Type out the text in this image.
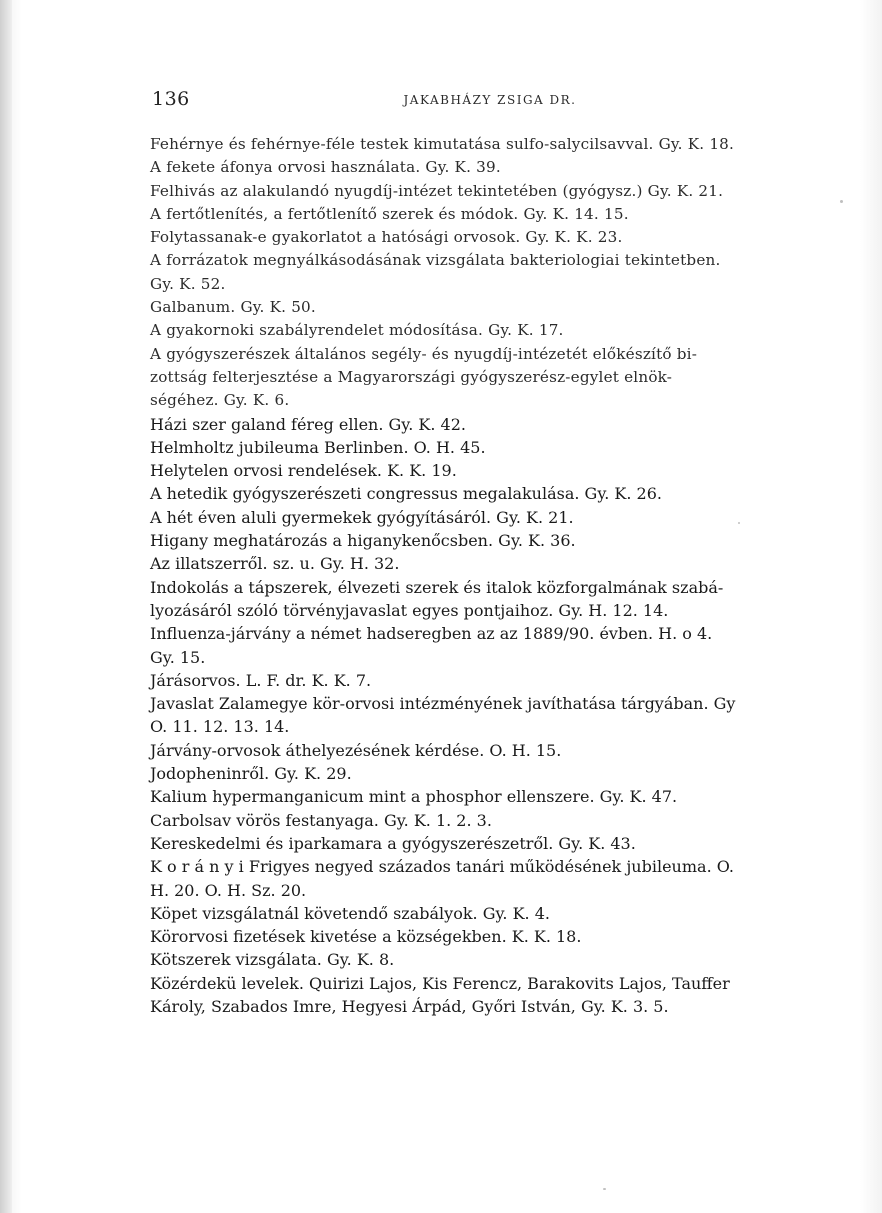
136	JAKABHÁZY ZSIGA DR.
Fehérnye és fehérnye-féle testek kimutatása sulfo-salycilsavval. Gy. K. 18.
A fekete áfonya orvosi használata. Gy. K. 39.
Felhivás az alakulandó nyugdíj-intézet tekintetében (gyógysz.) Gy. K. 21.
A fertőtlenítés, a fertőtlenítő szerek és módok. Gy. K. 14. 15.
Folytassanak-e gyakorlatot a hatósági orvosok. Gy. K. K. 23.
A forrázatok megnyálkásodásának vizsgálata bakteriologiai tekintetben.
Gy. K. 52.
Galbanum. Gy. K. 50.
A gyakornoki szabályrendelet módosítása. Gy. K. 17.
A gyógyszerészek általános segély- és nyugdíj-intézetét előkészítő bi-
zottság felterjesztése a Magyarországi gyógyszerész-egylet elnök-
ségéhez. Gy. K. 6.
Házi szer galand féreg ellen. Gy. K. 42.
Helmholtz jubileuma Berlinben. O. H. 45.
Helytelen orvosi rendelések. K. K. 19.
A hetedik gyógyszerészeti congressus megalakulása. Gy. K. 26.
A hét éven aluli gyermekek gyógyításáról. Gy. K. 21.
Higany meghatározás a higanykenőcsben. Gy. K. 36.
Az illatszerről. sz. u. Gy. H. 32.
Indokolás a tápszerek, élvezeti szerek és italok közforgalmának szabá-
lyozásáról szóló törvényjavaslat egyes pontjaihoz. Gy. H. 12. 14.
Influenza-járvány a német hadseregben az az 1889/90. évben. H. o 4.
Gy. 15.
Járásorvos. L. F. dr. K. K. 7.
Javaslat Zalamegye kör-orvosi intézményének javíthatása tárgyában. Gy
O. 11. 12. 13. 14.
Járvány-orvosok áthelyezésének kérdése. O. H. 15.
Jodopheninről. Gy. K. 29.
Kalium hypermanganicum mint a phosphor ellenszere. Gy. K. 47.
Carbolsav vörös festanyaga. Gy. K. 1. 2. 3.
Kereskedelmi és iparkamara a gyógyszerészetről. Gy. K. 43.
K o r á n y i Frigyes negyed százados tanári működésének jubileuma. O.
H. 20. O. H. Sz. 20.
Köpet vizsgálatnál követendő szabályok. Gy. K. 4.
Körorvosi fizetések kivetése a községekben. K. K. 18.
Kötszerek vizsgálata. Gy. K. 8.
Közérdekü levelek. Quirizi Lajos, Kis Ferencz, Barakovits Lajos, Tauffer
Károly, Szabados Imre, Hegyesi Árpád, Győri István, Gy. K. 3. 5.
